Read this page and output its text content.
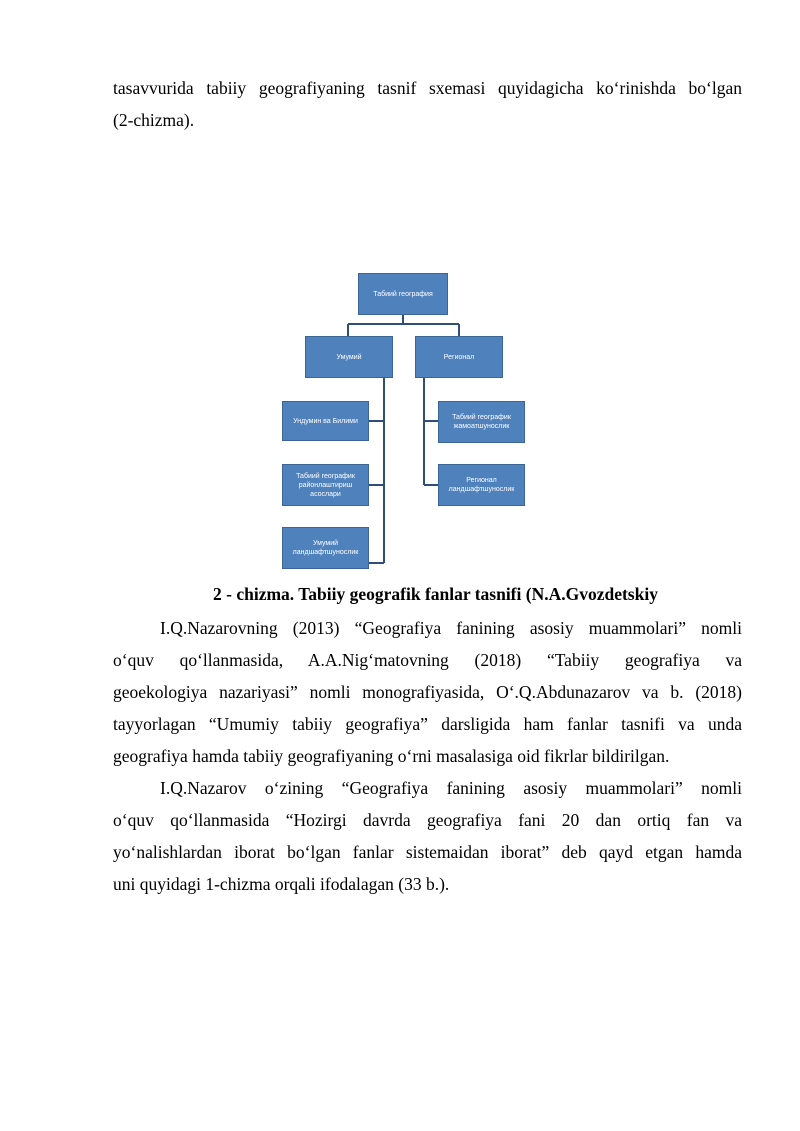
tasavvurida tabiiy geografiyaning tasnif sxemasi quyidagicha ko‘rinishda bo‘lgan
(2-chizma).
Табиий география
Умумий	Регионал
Ундумин ва Билими
Табиий географик районлаштириш асослари
Умумий ландшафтшунослик
Табиий географик жамоатшунослик
Регионал ландшафтшунослик
2 - chizma. Tabiiy geografik fanlar tasnifi (N.A.Gvozdetskiy
I.Q.Nazarovning (2013) “Geografiya fanining asosiy muammolari” nomli
o‘quv qo‘llanmasida, A.A.Nig‘matovning (2018) “Tabiiy geografiya va
geoekologiya nazariyasi” nomli monografiyasida, O‘.Q.Abdunazarov va b. (2018)
tayyorlagan “Umumiy tabiiy geografiya” darsligida ham fanlar tasnifi va unda
geografiya hamda tabiiy geografiyaning o‘rni masalasiga oid fikrlar bildirilgan.
I.Q.Nazarov o‘zining “Geografiya fanining asosiy muammolari” nomli
o‘quv qo‘llanmasida “Hozirgi davrda geografiya fani 20 dan ortiq fan va
yo‘nalishlardan iborat bo‘lgan fanlar sistemaidan iborat” deb qayd etgan hamda
uni quyidagi 1-chizma orqali ifodalagan (33 b.).
